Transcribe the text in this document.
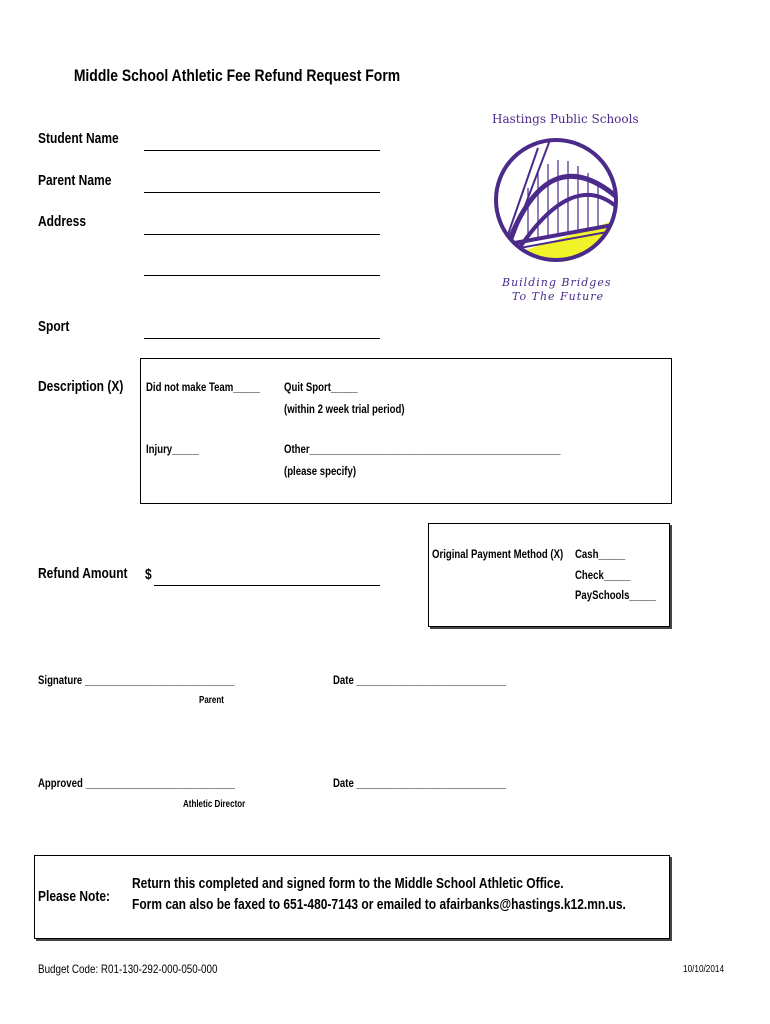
Middle School Athletic Fee Refund Request Form
Hastings Public Schools
Building Bridges
To The Future
Student Name
Parent Name
Address
Sport
Description (X) Did not make Team_____ Quit Sport_____
(within 2 week trial period)
Injury_____	Other_______________________________________________
(please specify)
Original Payment Method (X) Cash_____
Check_____
PaySchools_____
Refund Amount $
Signature ____________________________
Parent
Date ____________________________
Approved ____________________________
Athletic Director
Date ____________________________
Please Note:
Return this completed and signed form to the Middle School Athletic Office.
Form can also be faxed to 651-480-7143 or emailed to afairbanks@hastings.k12.mn.us.
Budget Code: R01-130-292-000-050-000	10/10/2014
